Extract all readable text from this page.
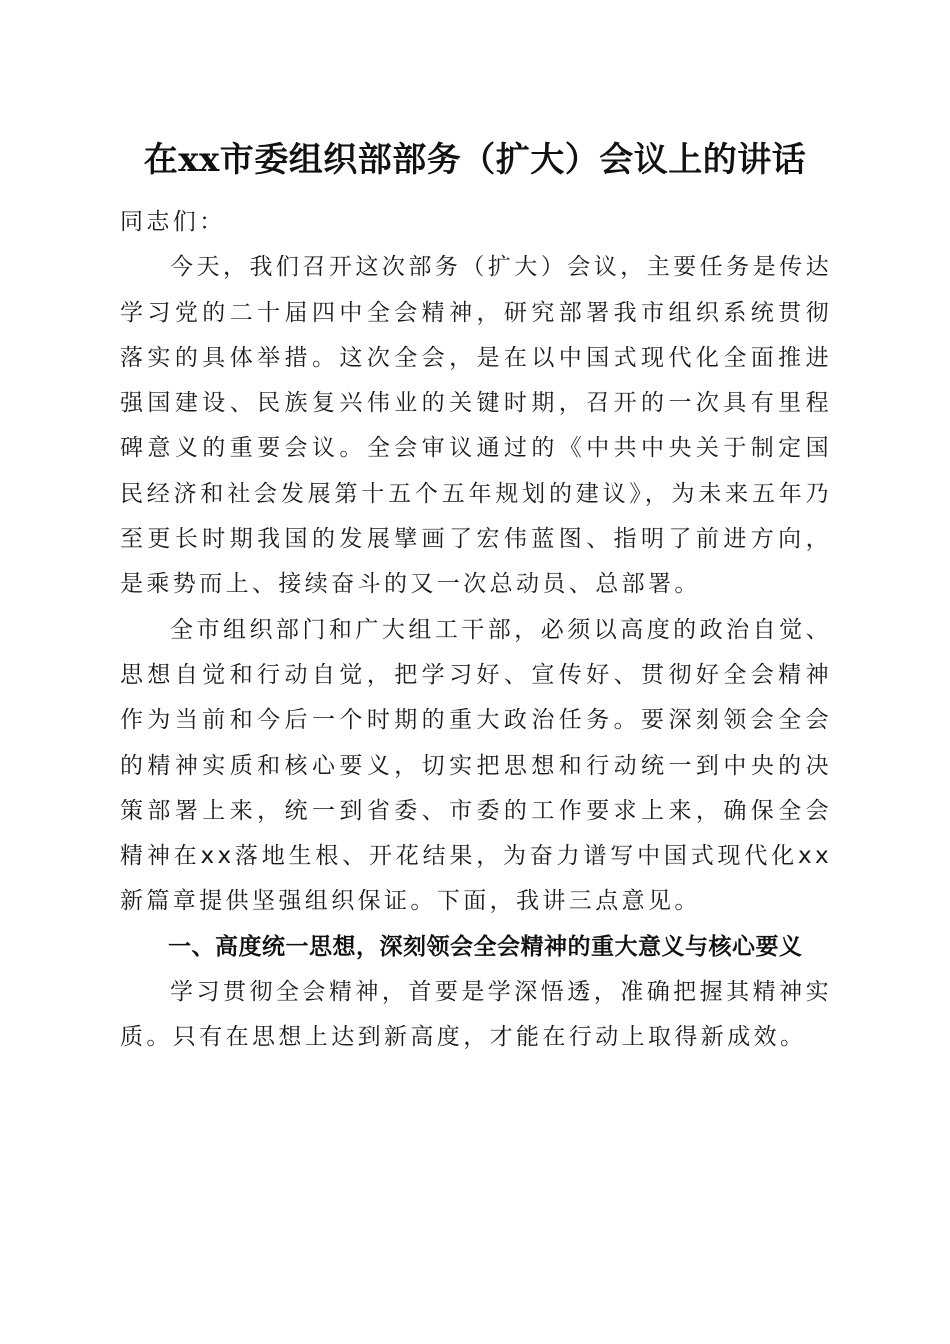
在xx市委组织部部务（扩大）会议上的讲话

同志们：

今天，我们召开这次部务（扩大）会议，主要任务是传达学习党的二十届四中全会精神，研究部署我市组织系统贯彻落实的具体举措。这次全会，是在以中国式现代化全面推进强国建设、民族复兴伟业的关键时期，召开的一次具有里程碑意义的重要会议。全会审议通过的《中共中央关于制定国民经济和社会发展第十五个五年规划的建议》，为未来五年乃至更长时期我国的发展擘画了宏伟蓝图、指明了前进方向，是乘势而上、接续奋斗的又一次总动员、总部署。

全市组织部门和广大组工干部，必须以高度的政治自觉、思想自觉和行动自觉，把学习好、宣传好、贯彻好全会精神作为当前和今后一个时期的重大政治任务。要深刻领会全会的精神实质和核心要义，切实把思想和行动统一到中央的决策部署上来，统一到省委、市委的工作要求上来，确保全会精神在xx落地生根、开花结果，为奋力谱写中国式现代化xx新篇章提供坚强组织保证。下面，我讲三点意见。

一、高度统一思想，深刻领会全会精神的重大意义与核心要义

学习贯彻全会精神，首要是学深悟透，准确把握其精神实质。只有在思想上达到新高度，才能在行动上取得新成效。
